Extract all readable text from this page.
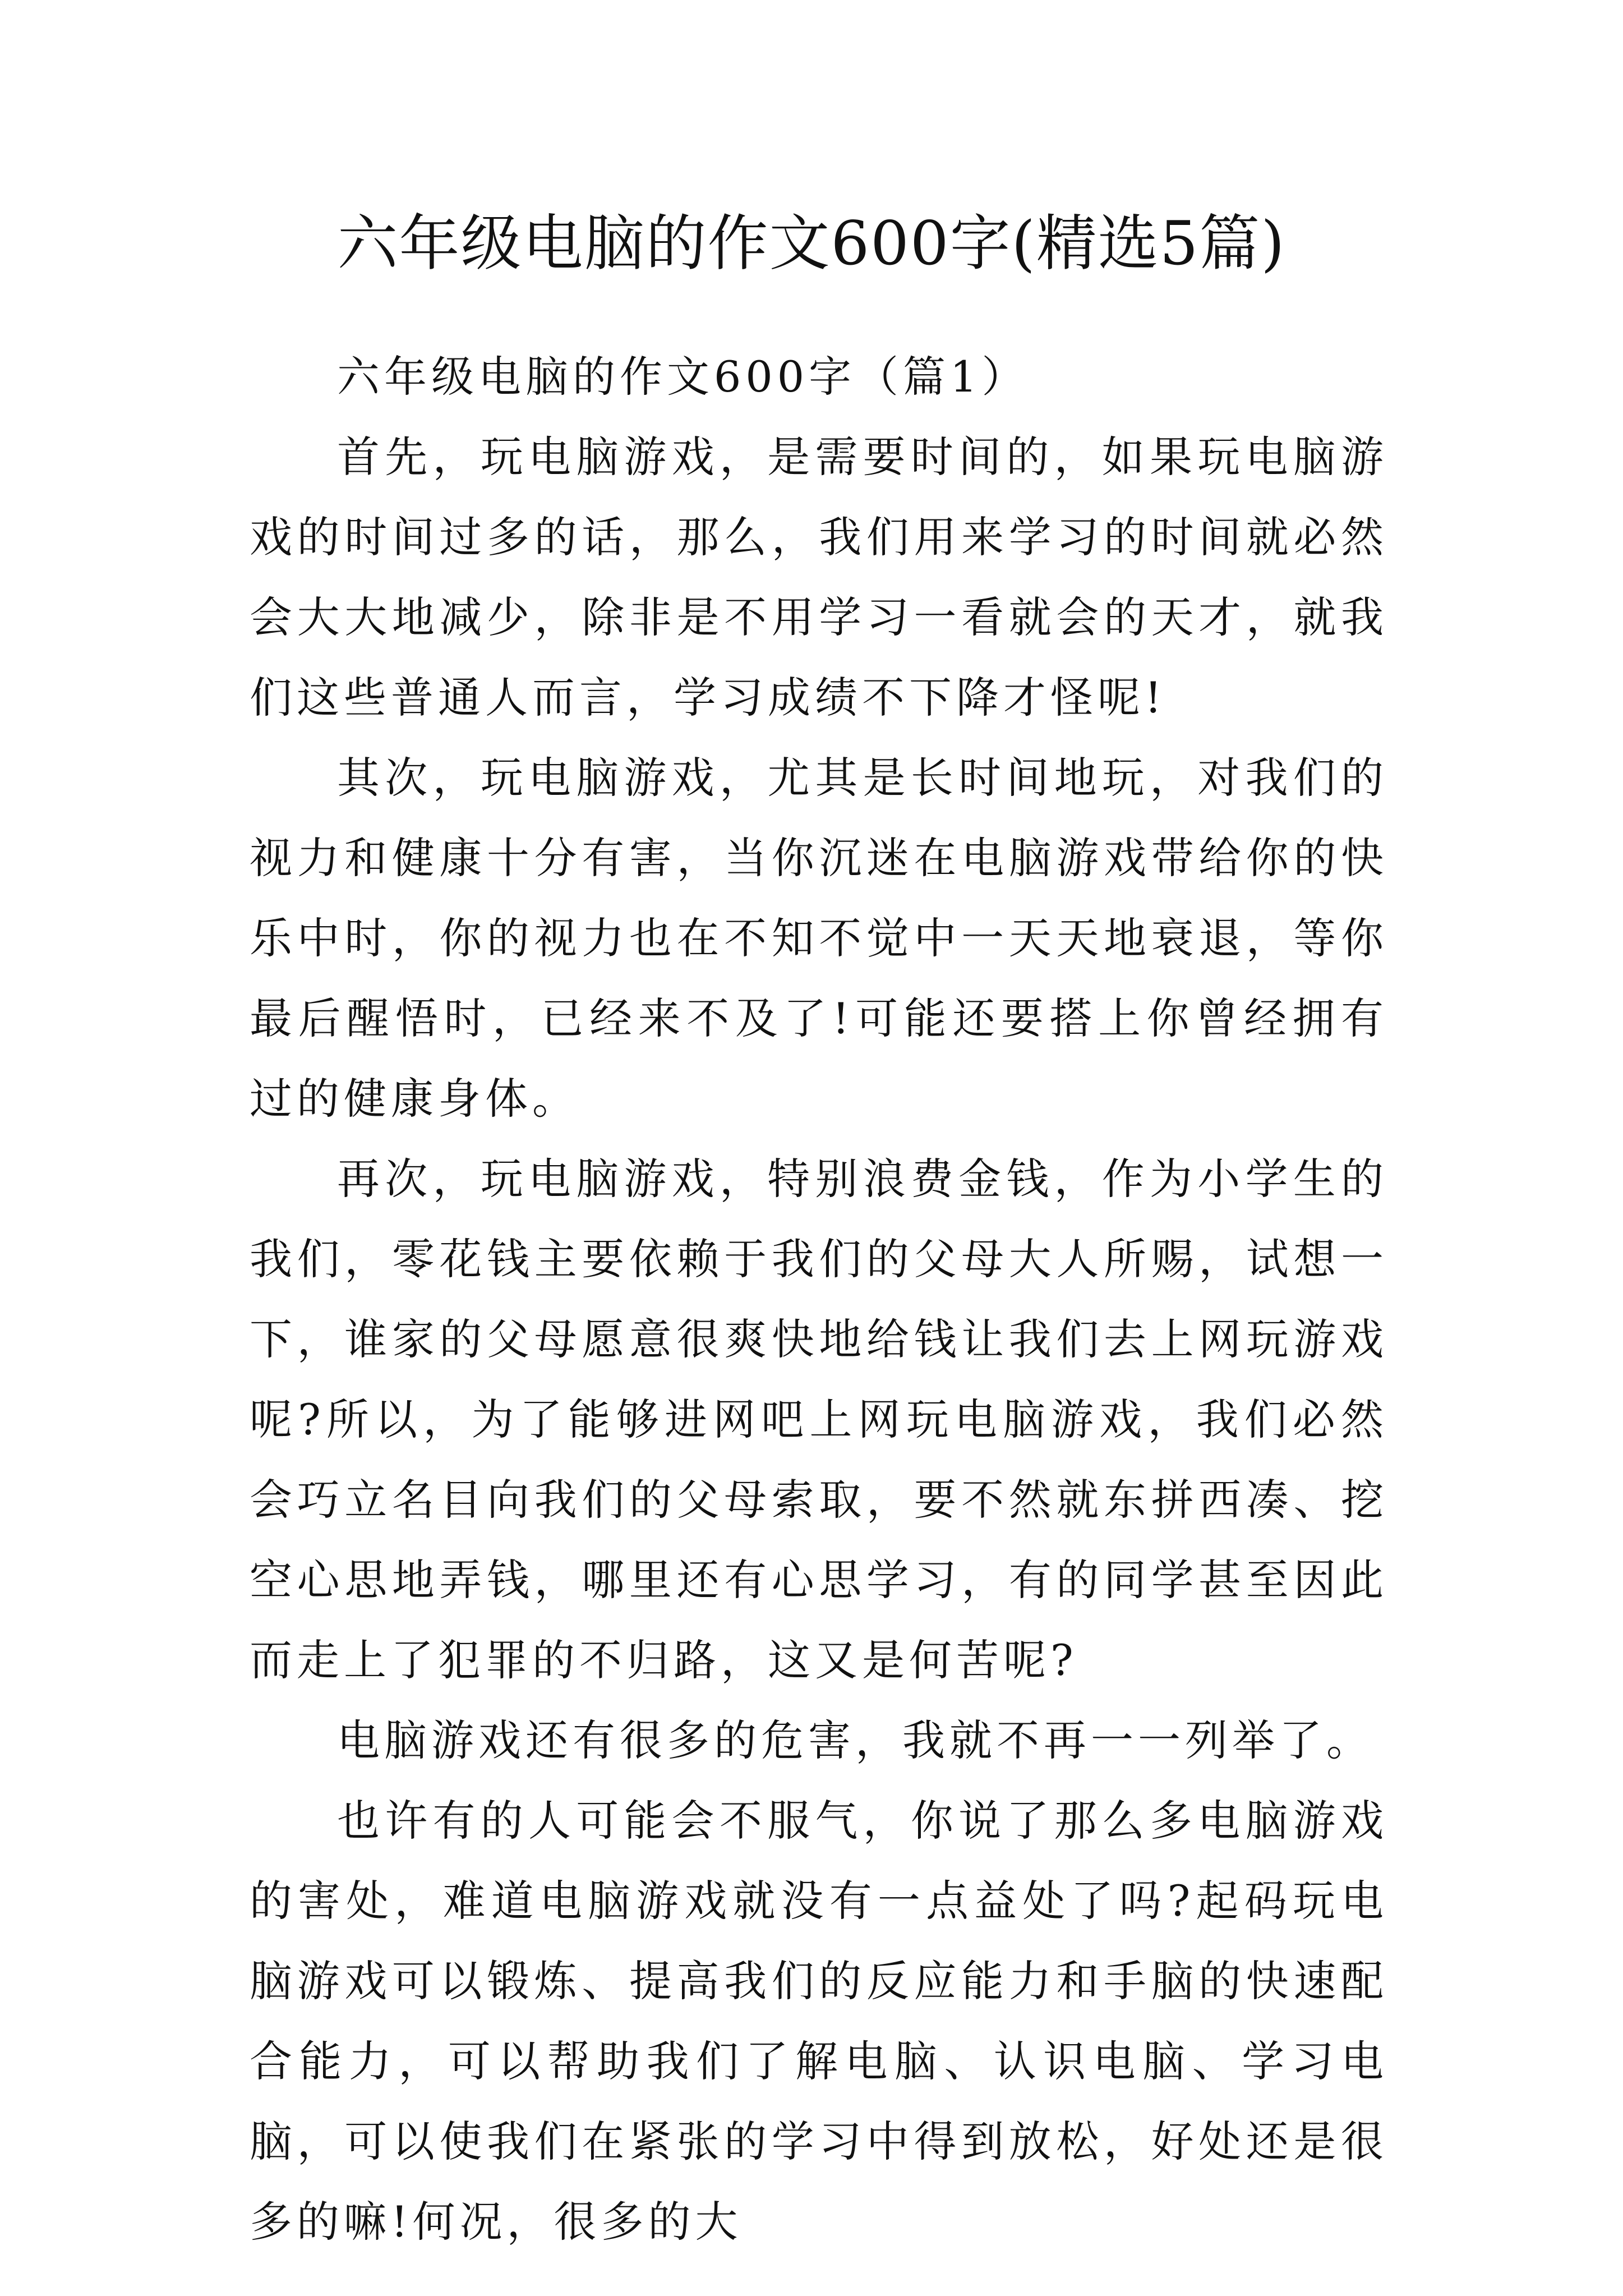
六年级电脑的作文600字(精选5篇)

六年级电脑的作文600字（篇1）

首先，玩电脑游戏，是需要时间的，如果玩电脑游戏的时间过多的话，那么，我们用来学习的时间就必然会大大地减少，除非是不用学习一看就会的天才，就我们这些普通人而言，学习成绩不下降才怪呢!

其次，玩电脑游戏，尤其是长时间地玩，对我们的视力和健康十分有害，当你沉迷在电脑游戏带给你的快乐中时，你的视力也在不知不觉中一天天地衰退，等你最后醒悟时，已经来不及了!可能还要搭上你曾经拥有过的健康身体。

再次，玩电脑游戏，特别浪费金钱，作为小学生的我们，零花钱主要依赖于我们的父母大人所赐，试想一下，谁家的父母愿意很爽快地给钱让我们去上网玩游戏呢?所以，为了能够进网吧上网玩电脑游戏，我们必然会巧立名目向我们的父母索取，要不然就东拼西凑、挖空心思地弄钱，哪里还有心思学习，有的同学甚至因此而走上了犯罪的不归路，这又是何苦呢?

电脑游戏还有很多的危害，我就不再一一列举了。

也许有的人可能会不服气，你说了那么多电脑游戏的害处，难道电脑游戏就没有一点益处了吗?起码玩电脑游戏可以锻炼、提高我们的反应能力和手脑的快速配合能力，可以帮助我们了解电脑、认识电脑、学习电脑，可以使我们在紧张的学习中得到放松，好处还是很多的嘛!何况，很多的大
